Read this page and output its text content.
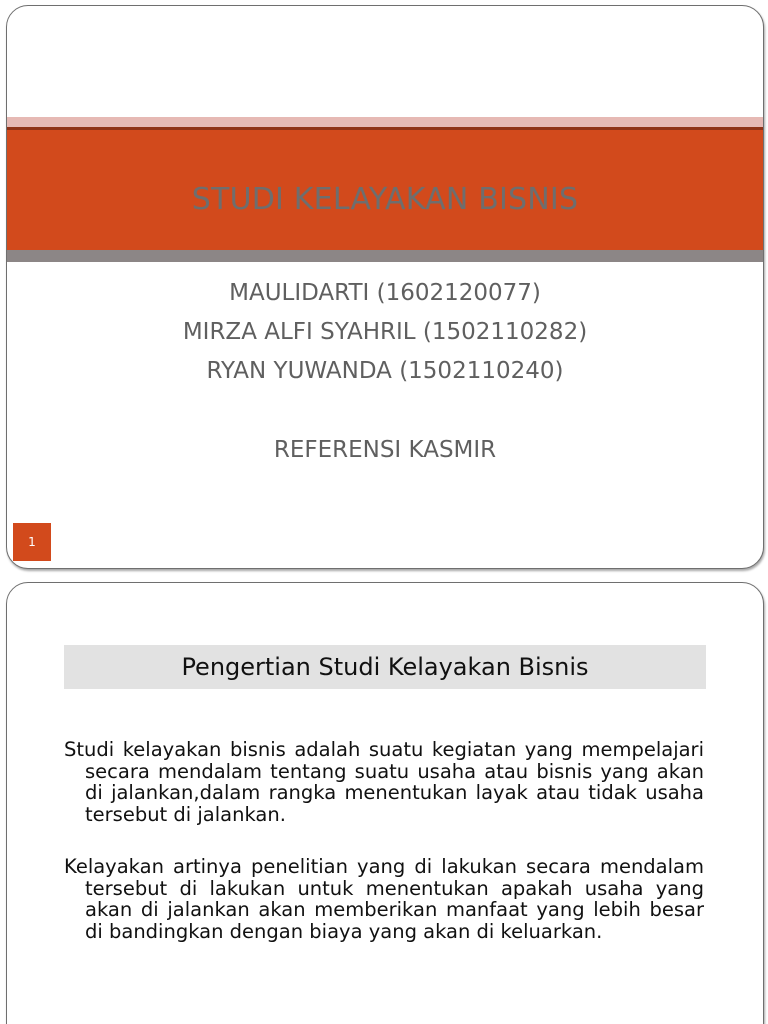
STUDI KELAYAKAN BISNIS
MAULIDARTI (1602120077)
MIRZA ALFI SYAHRIL (1502110282)
RYAN YUWANDA (1502110240)
REFERENSI KASMIR
1
Pengertian Studi Kelayakan Bisnis

Studi kelayakan bisnis adalah suatu kegiatan yang mempelajari secara mendalam tentang suatu usaha atau bisnis yang akan di jalankan,dalam rangka menentukan layak atau tidak usaha tersebut di jalankan.

Kelayakan artinya penelitian yang di lakukan secara mendalam tersebut di lakukan untuk menentukan apakah usaha yang akan di jalankan akan memberikan manfaat yang lebih besar di bandingkan dengan biaya yang akan di keluarkan.
